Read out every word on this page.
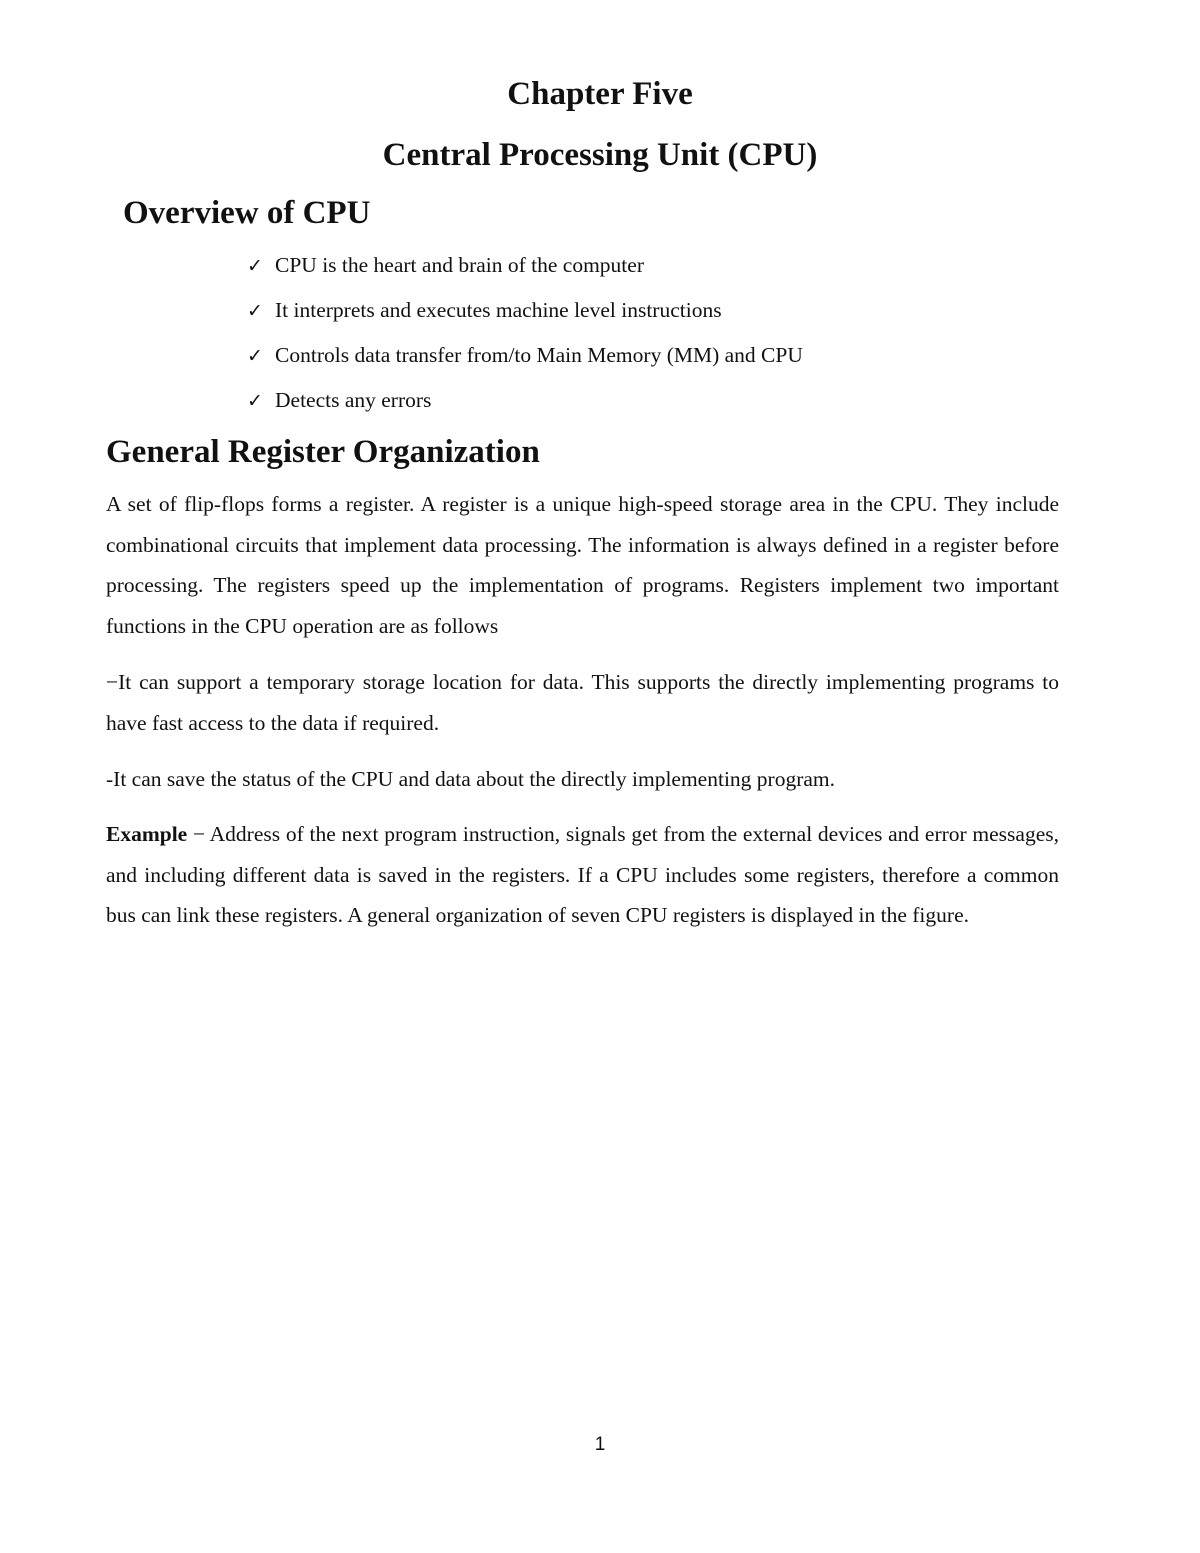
Chapter Five
Central Processing Unit (CPU)
Overview of CPU
✓ CPU is the heart and brain of the computer
✓ It interprets and executes machine level instructions
✓ Controls data transfer from/to Main Memory (MM) and CPU
✓ Detects any errors
General Register Organization

A set of flip-flops forms a register. A register is a unique high-speed storage area in the CPU. They include combinational circuits that implement data processing. The information is always defined in a register before processing. The registers speed up the implementation of programs. Registers implement two important functions in the CPU operation are as follows

−It can support a temporary storage location for data. This supports the directly implementing programs to have fast access to the data if required.

-It can save the status of the CPU and data about the directly implementing program.

Example − Address of the next program instruction, signals get from the external devices and error messages, and including different data is saved in the registers. If a CPU includes some registers, therefore a common bus can link these registers. A general organization of seven CPU registers is displayed in the figure.

1
